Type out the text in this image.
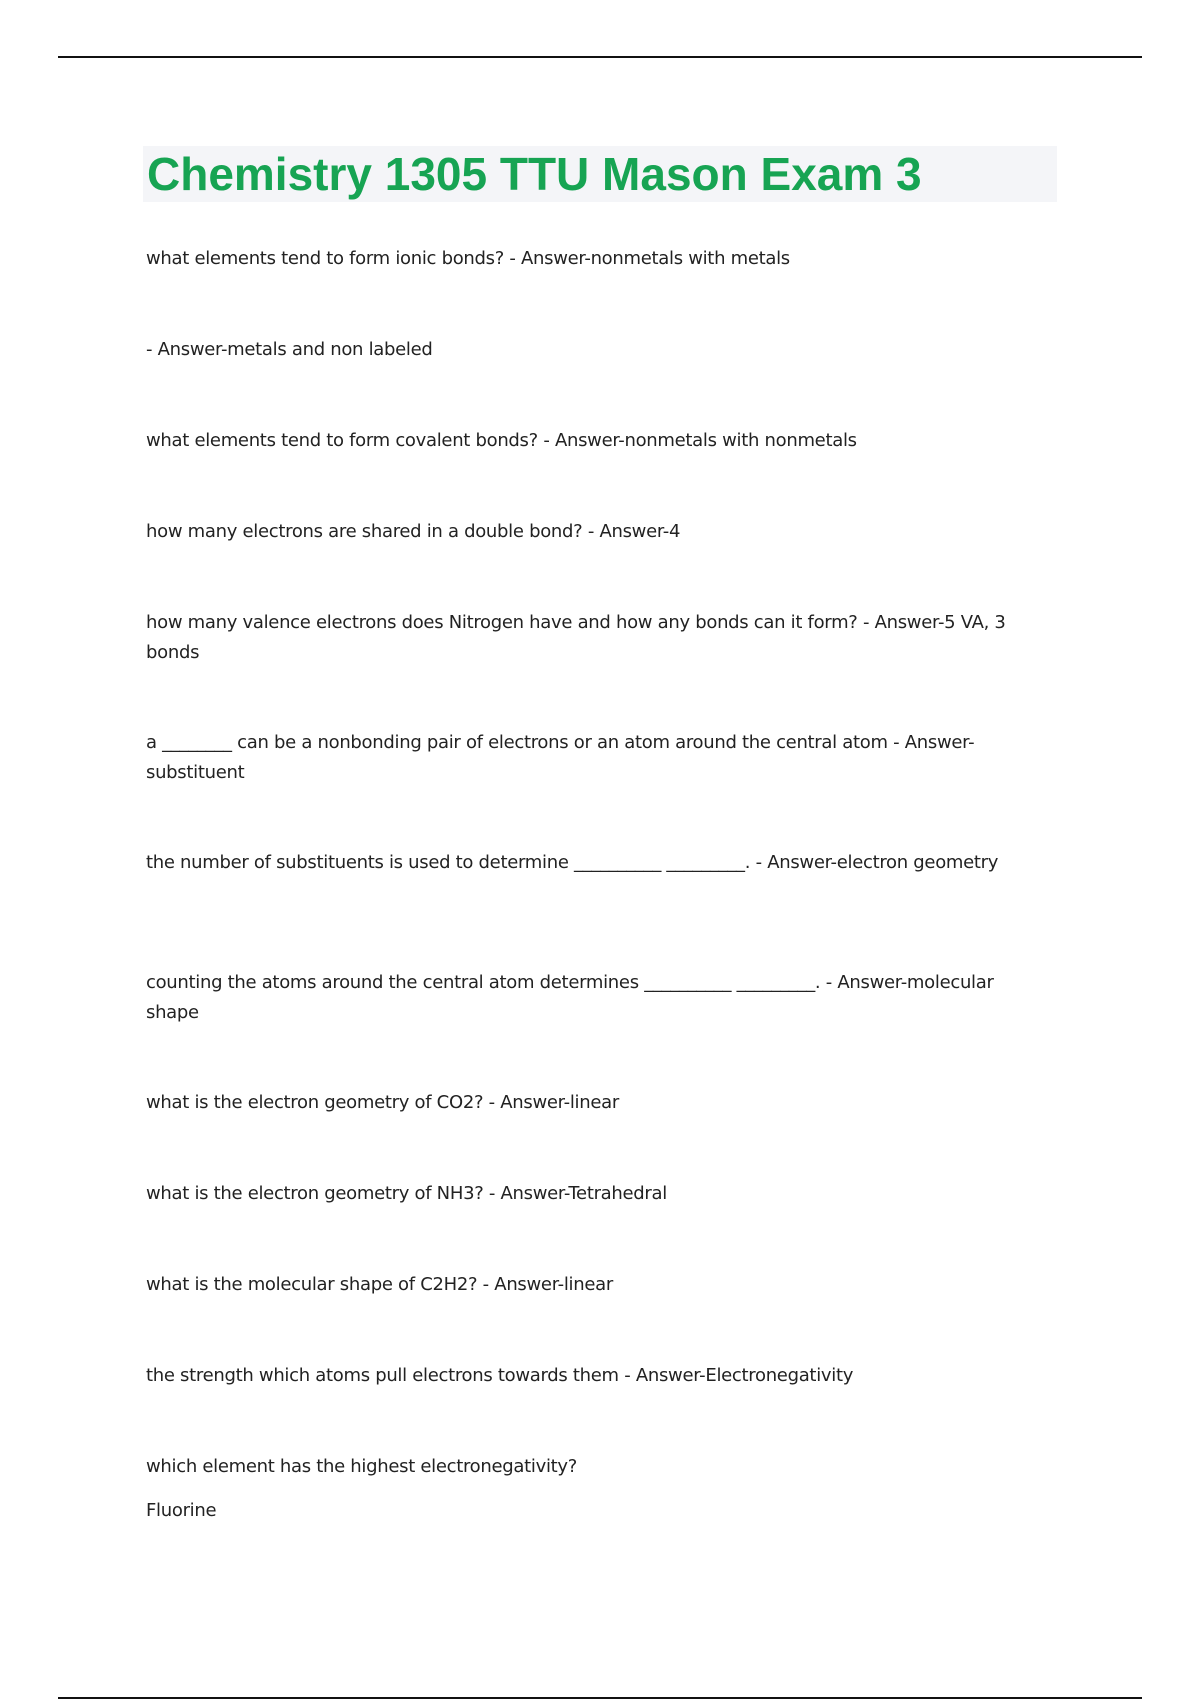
Chemistry 1305 TTU Mason Exam 3

what elements tend to form ionic bonds? - Answer-nonmetals with metals

- Answer-metals and non labeled

what elements tend to form covalent bonds? - Answer-nonmetals with nonmetals

how many electrons are shared in a double bond? - Answer-4

how many valence electrons does Nitrogen have and how any bonds can it form? - Answer-5 VA, 3 bonds

a ________ can be a nonbonding pair of electrons or an atom around the central atom - Answer-substituent

the number of substituents is used to determine __________ _________. - Answer-electron geometry

counting the atoms around the central atom determines __________ _________. - Answer-molecular shape

what is the electron geometry of CO2? - Answer-linear

what is the electron geometry of NH3? - Answer-Tetrahedral

what is the molecular shape of C2H2? - Answer-linear

the strength which atoms pull electrons towards them - Answer-Electronegativity

which element has the highest electronegativity?

Fluorine
